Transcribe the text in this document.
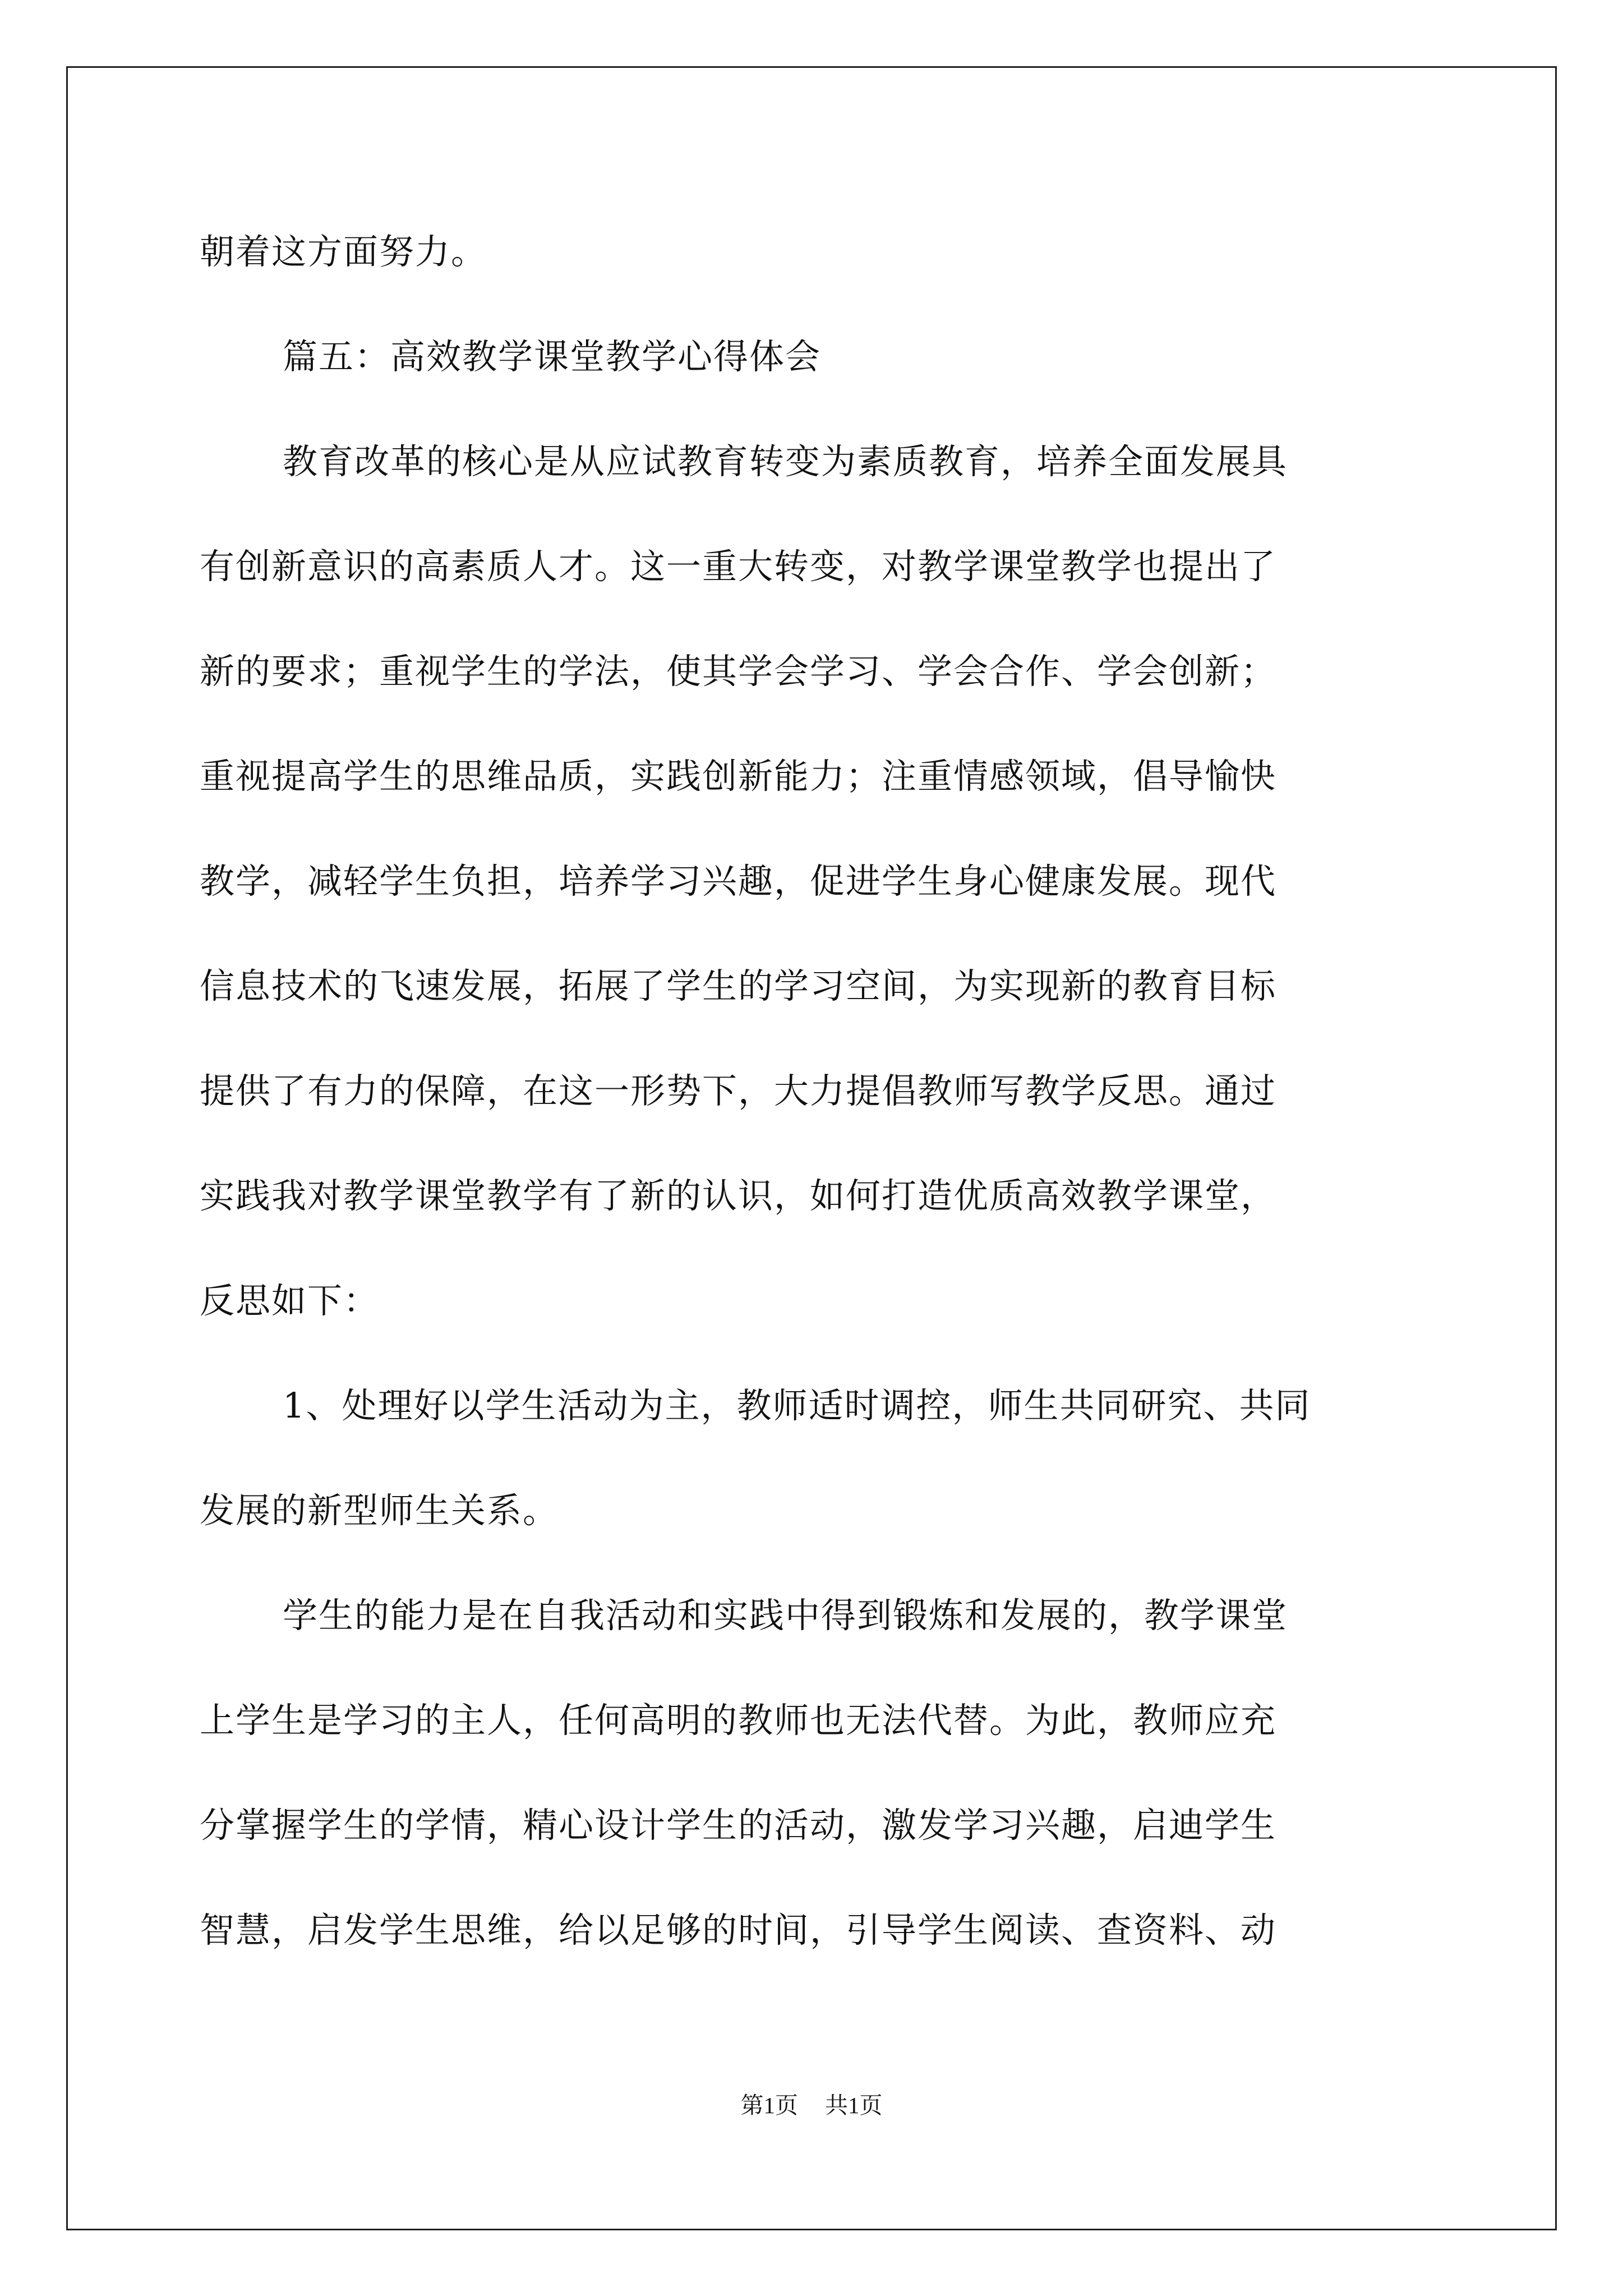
朝着这方面努力。
篇五：高效教学课堂教学心得体会
教育改革的核心是从应试教育转变为素质教育，培养全面发展具
有创新意识的高素质人才。这一重大转变，对教学课堂教学也提出了
新的要求；重视学生的学法，使其学会学习、学会合作、学会创新；
重视提高学生的思维品质，实践创新能力；注重情感领域，倡导愉快
教学，减轻学生负担，培养学习兴趣，促进学生身心健康发展。现代
信息技术的飞速发展，拓展了学生的学习空间，为实现新的教育目标
提供了有力的保障，在这一形势下，大力提倡教师写教学反思。通过
实践我对教学课堂教学有了新的认识，如何打造优质高效教学课堂，
反思如下：
1、处理好以学生活动为主，教师适时调控，师生共同研究、共同
发展的新型师生关系。
学生的能力是在自我活动和实践中得到锻炼和发展的，教学课堂
上学生是学习的主人，任何高明的教师也无法代替。为此，教师应充
分掌握学生的学情，精心设计学生的活动，激发学习兴趣，启迪学生
智慧，启发学生思维，给以足够的时间，引导学生阅读、查资料、动
第1页 共1页
